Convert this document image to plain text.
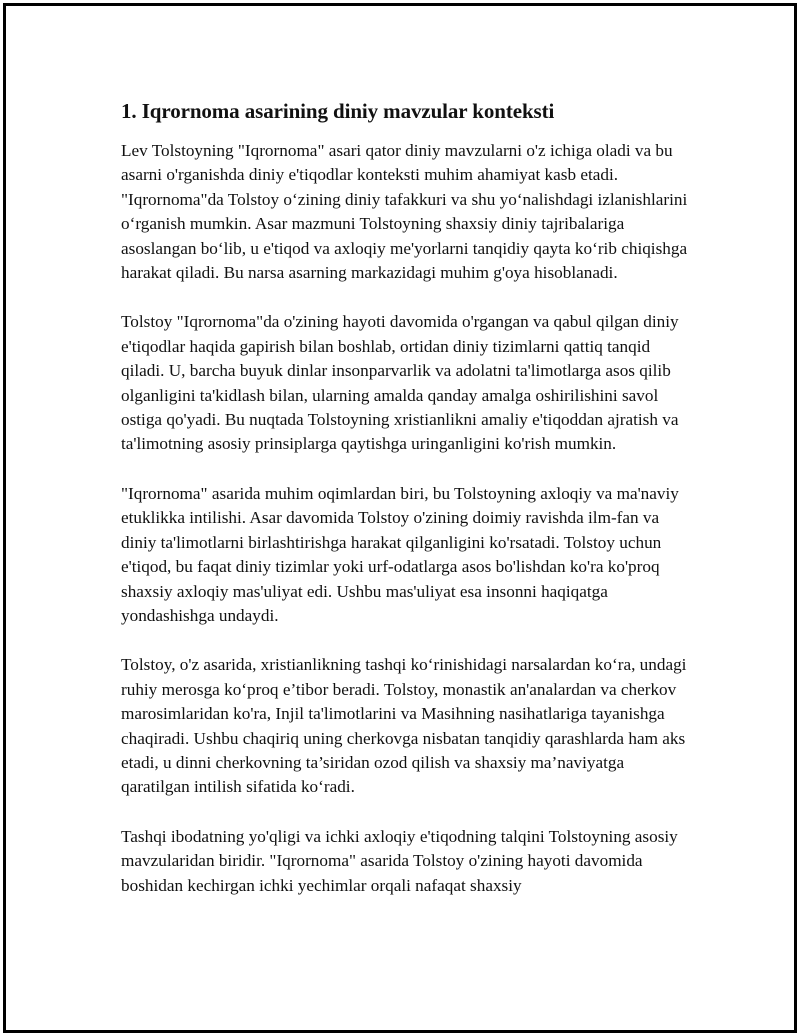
1. Iqrornoma asarining diniy mavzular konteksti

Lev Tolstoyning "Iqrornoma" asari qator diniy mavzularni o'z ichiga oladi va bu asarni o'rganishda diniy e'tiqodlar konteksti muhim ahamiyat kasb etadi. "Iqrornoma"da Tolstoy o‘zining diniy tafakkuri va shu yo‘nalishdagi izlanishlarini o‘rganish mumkin. Asar mazmuni Tolstoyning shaxsiy diniy tajribalariga asoslangan bo‘lib, u e'tiqod va axloqiy me'yorlarni tanqidiy qayta ko‘rib chiqishga harakat qiladi. Bu narsa asarning markazidagi muhim g'oya hisoblanadi.

Tolstoy "Iqrornoma"da o'zining hayoti davomida o'rgangan va qabul qilgan diniy e'tiqodlar haqida gapirish bilan boshlab, ortidan diniy tizimlarni qattiq tanqid qiladi. U, barcha buyuk dinlar insonparvarlik va adolatni ta'limotlarga asos qilib olganligini ta'kidlash bilan, ularning amalda qanday amalga oshirilishini savol ostiga qo'yadi. Bu nuqtada Tolstoyning xristianlikni amaliy e'tiqoddan ajratish va ta'limotning asosiy prinsiplarga qaytishga uringanligini ko'rish mumkin.

"Iqrornoma" asarida muhim oqimlardan biri, bu Tolstoyning axloqiy va ma'naviy etuklikka intilishi. Asar davomida Tolstoy o'zining doimiy ravishda ilm-fan va diniy ta'limotlarni birlashtirishga harakat qilganligini ko'rsatadi. Tolstoy uchun e'tiqod, bu faqat diniy tizimlar yoki urf-odatlarga asos bo'lishdan ko'ra ko'proq shaxsiy axloqiy mas'uliyat edi. Ushbu mas'uliyat esa insonni haqiqatga yondashishga undaydi.

Tolstoy, o'z asarida, xristianlikning tashqi ko‘rinishidagi narsalardan ko‘ra, undagi ruhiy merosga ko‘proq e’tibor beradi. Tolstoy, monastik an'analardan va cherkov marosimlaridan ko'ra, Injil ta'limotlarini va Masihning nasihatlariga tayanishga chaqiradi. Ushbu chaqiriq uning cherkovga nisbatan tanqidiy qarashlarda ham aks etadi, u dinni cherkovning ta’siridan ozod qilish va shaxsiy ma’naviyatga qaratilgan intilish sifatida ko‘radi.

Tashqi ibodatning yo'qligi va ichki axloqiy e'tiqodning talqini Tolstoyning asosiy mavzularidan biridir. "Iqrornoma" asarida Tolstoy o'zining hayoti davomida boshidan kechirgan ichki yechimlar orqali nafaqat shaxsiy
